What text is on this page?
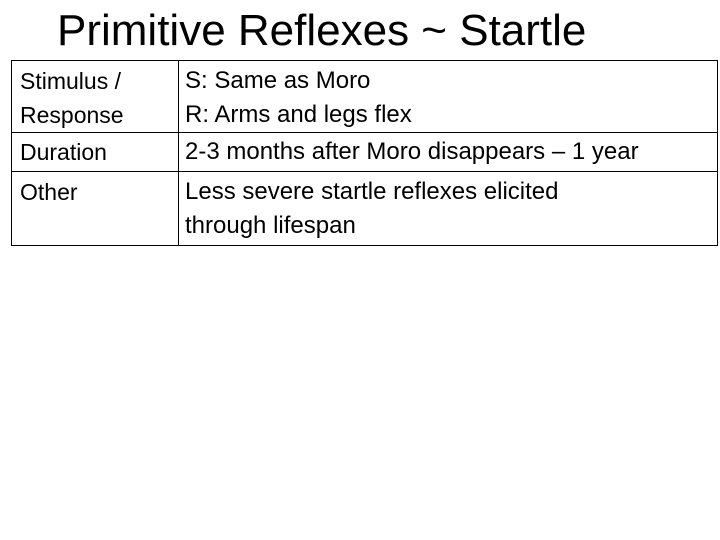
Primitive Reflexes ~ Startle
Stimulus /
Response	S: Same as Moro
R: Arms and legs flex

Duration	2-3 months after Moro disappears – 1 year

Other	Less severe startle reflexes elicited
through lifespan
